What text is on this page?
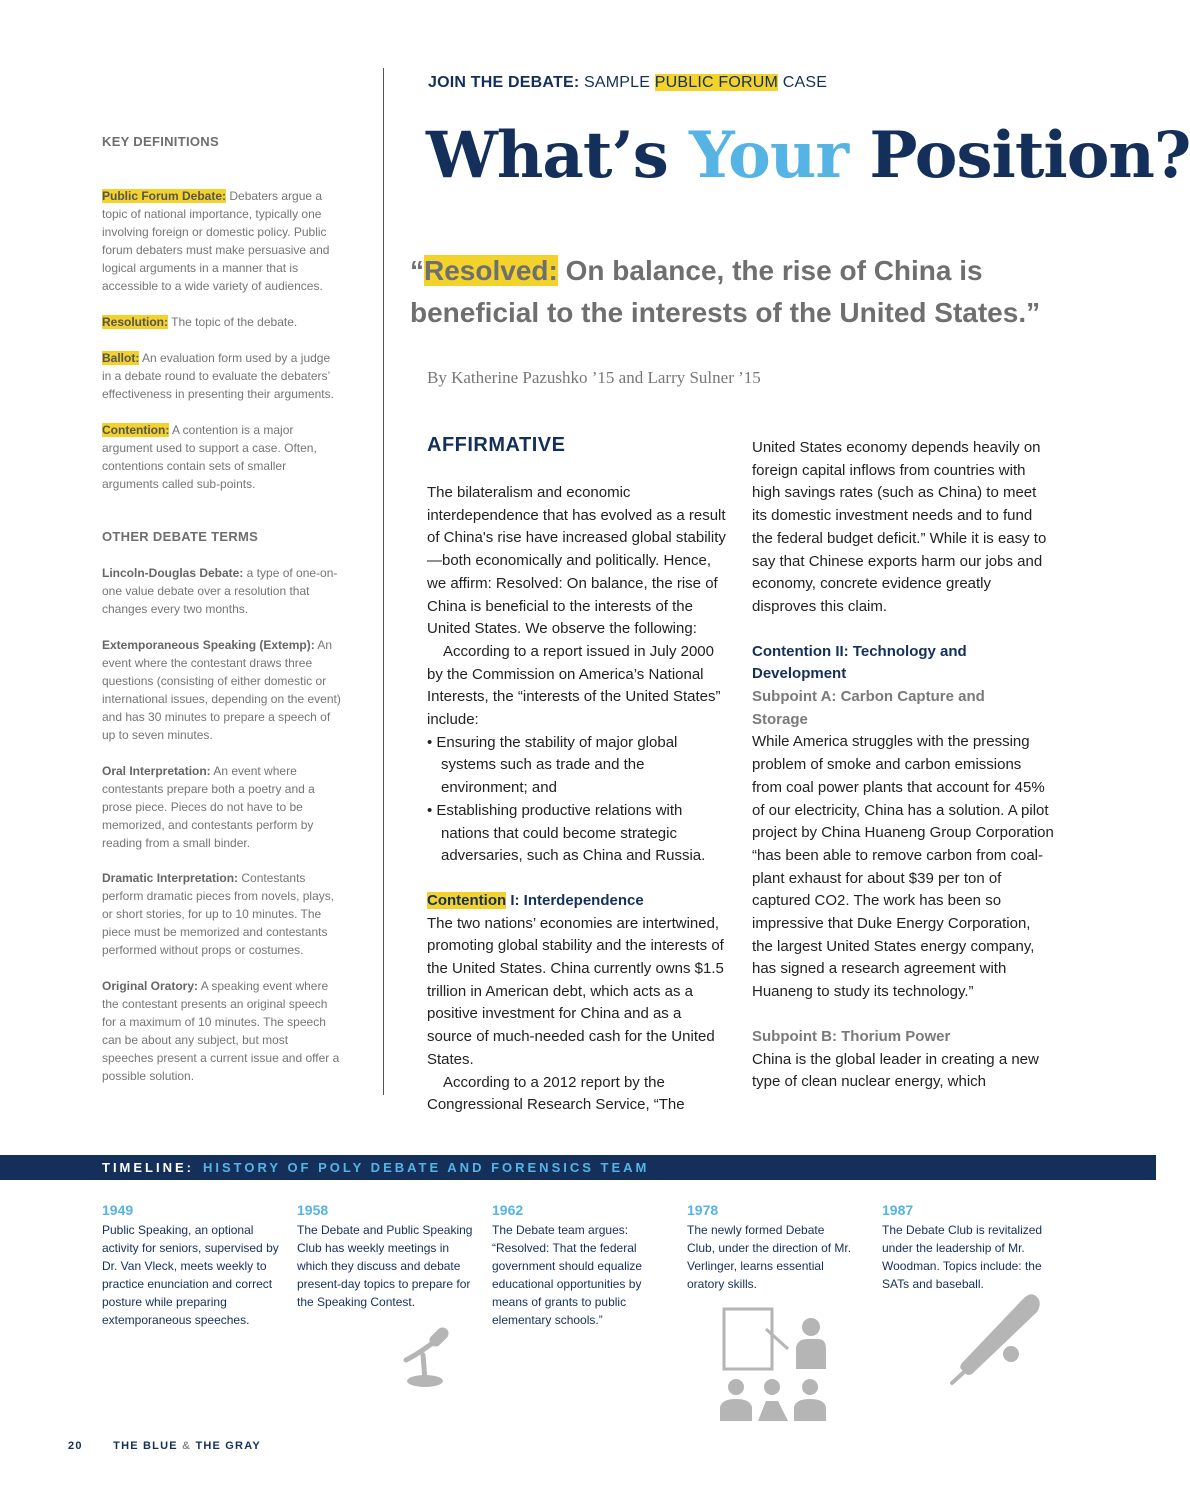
KEY DEFINITIONS
Public Forum Debate: Debaters argue a topic of national importance, typically one involving foreign or domestic policy. Public forum debaters must make persuasive and logical arguments in a manner that is accessible to a wide variety of audiences.
Resolution: The topic of the debate.
Ballot: An evaluation form used by a judge in a debate round to evaluate the debaters’ effectiveness in presenting their arguments.
Contention: A contention is a major argument used to support a case. Often, contentions contain sets of smaller arguments called sub-points.
OTHER DEBATE TERMS
Lincoln-Douglas Debate: a type of one-on-one value debate over a resolution that changes every two months.
Extemporaneous Speaking (Extemp): An event where the contestant draws three questions (consisting of either domestic or international issues, depending on the event) and has 30 minutes to prepare a speech of up to seven minutes.
Oral Interpretation: An event where contestants prepare both a poetry and a prose piece. Pieces do not have to be memorized, and contestants perform by reading from a small binder.
Dramatic Interpretation: Contestants perform dramatic pieces from novels, plays, or short stories, for up to 10 minutes. The piece must be memorized and contestants performed without props or costumes.
Original Oratory: A speaking event where the contestant presents an original speech for a maximum of 10 minutes. The speech can be about any subject, but most speeches present a current issue and offer a possible solution.
JOIN THE DEBATE: SAMPLE PUBLIC FORUM CASE
What’s Your Position?
“Resolved: On balance, the rise of China is beneficial to the interests of the United States.”
By Katherine Pazushko ’15 and Larry Sulner ’15
AFFIRMATIVE

The bilateralism and economic interdependence that has evolved as a result of China's rise have increased global stability—both economically and politically. Hence, we affirm: Resolved: On balance, the rise of China is beneficial to the interests of the United States. We observe the following:

According to a report issued in July 2000 by the Commission on America’s National Interests, the “interests of the United States” include:

• Ensuring the stability of major global systems such as trade and the environment; and
• Establishing productive relations with nations that could become strategic adversaries, such as China and Russia.

Contention I: Interdependence

The two nations’ economies are intertwined, promoting global stability and the interests of the United States. China currently owns $1.5 trillion in American debt, which acts as a positive investment for China and as a source of much-needed cash for the United States.

According to a 2012 report by the Congressional Research Service, “The

United States economy depends heavily on foreign capital inflows from countries with high savings rates (such as China) to meet its domestic investment needs and to fund the federal budget deficit.” While it is easy to say that Chinese exports harm our jobs and economy, concrete evidence greatly disproves this claim.

Contention II: Technology and Development

Subpoint A: Carbon Capture and Storage

While America struggles with the pressing problem of smoke and carbon emissions from coal power plants that account for 45% of our electricity, China has a solution. A pilot project by China Huaneng Group Corporation “has been able to remove carbon from coal-plant exhaust for about $39 per ton of captured CO2. The work has been so impressive that Duke Energy Corporation, the largest United States energy company, has signed a research agreement with Huaneng to study its technology.”

Subpoint B: Thorium Power

China is the global leader in creating a new type of clean nuclear energy, which

TIMELINE: HISTORY OF POLY DEBATE AND FORENSICS TEAM
1949
Public Speaking, an optional activity for seniors, supervised by Dr. Van Vleck, meets weekly to practice enunciation and correct posture while preparing extemporaneous speeches.
1958
The Debate and Public Speaking Club has weekly meetings in which they discuss and debate present-day topics to prepare for the Speaking Contest.
1962
The Debate team argues: “Resolved: That the federal government should equalize educational opportunities by means of grants to public elementary schools.”
1978
The newly formed Debate Club, under the direction of Mr. Verlinger, learns essential oratory skills.
1987
The Debate Club is revitalized under the leadership of Mr. Woodman. Topics include: the SATs and baseball.
20	THE BLUE & THE GRAY
